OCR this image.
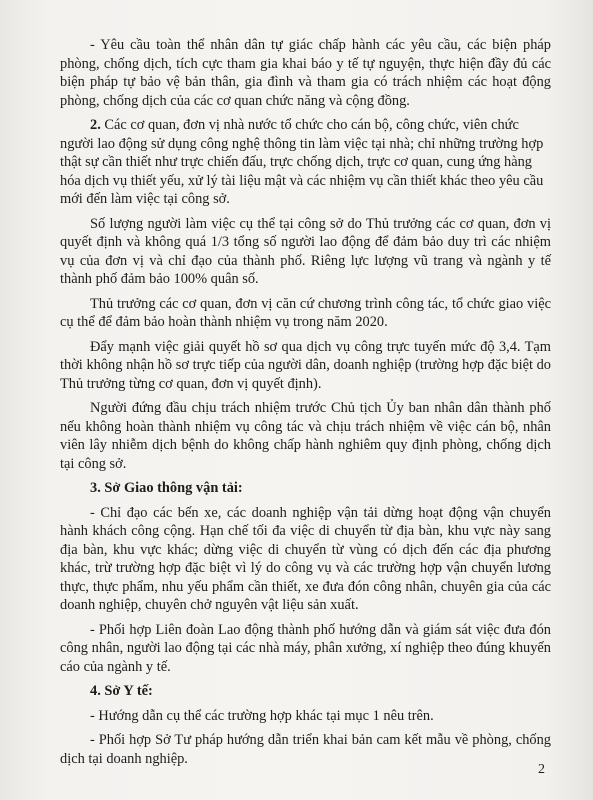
- Yêu cầu toàn thể nhân dân tự giác chấp hành các yêu cầu, các biện pháp phòng, chống dịch, tích cực tham gia khai báo y tế tự nguyện, thực hiện đầy đủ các biện pháp tự bảo vệ bản thân, gia đình và tham gia có trách nhiệm các hoạt động phòng, chống dịch của các cơ quan chức năng và cộng đồng.

2. Các cơ quan, đơn vị nhà nước tổ chức cho cán bộ, công chức, viên chức người lao động sử dụng công nghệ thông tin làm việc tại nhà; chỉ những trường hợp thật sự cần thiết như trực chiến đấu, trực chống dịch, trực cơ quan, cung ứng hàng hóa dịch vụ thiết yếu, xử lý tài liệu mật và các nhiệm vụ cần thiết khác theo yêu cầu mới đến làm việc tại công sở.

Số lượng người làm việc cụ thể tại công sở do Thủ trưởng các cơ quan, đơn vị quyết định và không quá 1/3 tổng số người lao động để đảm bảo duy trì các nhiệm vụ của đơn vị và chỉ đạo của thành phố. Riêng lực lượng vũ trang và ngành y tế thành phố đảm bảo 100% quân số.

Thủ trưởng các cơ quan, đơn vị căn cứ chương trình công tác, tổ chức giao việc cụ thể để đảm bảo hoàn thành nhiệm vụ trong năm 2020.

Đẩy mạnh việc giải quyết hồ sơ qua dịch vụ công trực tuyến mức độ 3,4. Tạm thời không nhận hồ sơ trực tiếp của người dân, doanh nghiệp (trường hợp đặc biệt do Thủ trưởng từng cơ quan, đơn vị quyết định).

Người đứng đầu chịu trách nhiệm trước Chủ tịch Ủy ban nhân dân thành phố nếu không hoàn thành nhiệm vụ công tác và chịu trách nhiệm về việc cán bộ, nhân viên lây nhiễm dịch bệnh do không chấp hành nghiêm quy định phòng, chống dịch tại công sở.

3. Sở Giao thông vận tải:

- Chỉ đạo các bến xe, các doanh nghiệp vận tải dừng hoạt động vận chuyển hành khách công cộng. Hạn chế tối đa việc di chuyển từ địa bàn, khu vực này sang địa bàn, khu vực khác; dừng việc di chuyển từ vùng có dịch đến các địa phương khác, trừ trường hợp đặc biệt vì lý do công vụ và các trường hợp vận chuyển lương thực, thực phẩm, nhu yếu phẩm cần thiết, xe đưa đón công nhân, chuyên gia của các doanh nghiệp, chuyên chở nguyên vật liệu sản xuất.

- Phối hợp Liên đoàn Lao động thành phố hướng dẫn và giám sát việc đưa đón công nhân, người lao động tại các nhà máy, phân xưởng, xí nghiệp theo đúng khuyến cáo của ngành y tế.

4. Sở Y tế:

- Hướng dẫn cụ thể các trường hợp khác tại mục 1 nêu trên.

- Phối hợp Sở Tư pháp hướng dẫn triển khai bản cam kết mẫu về phòng, chống dịch tại doanh nghiệp.

2
